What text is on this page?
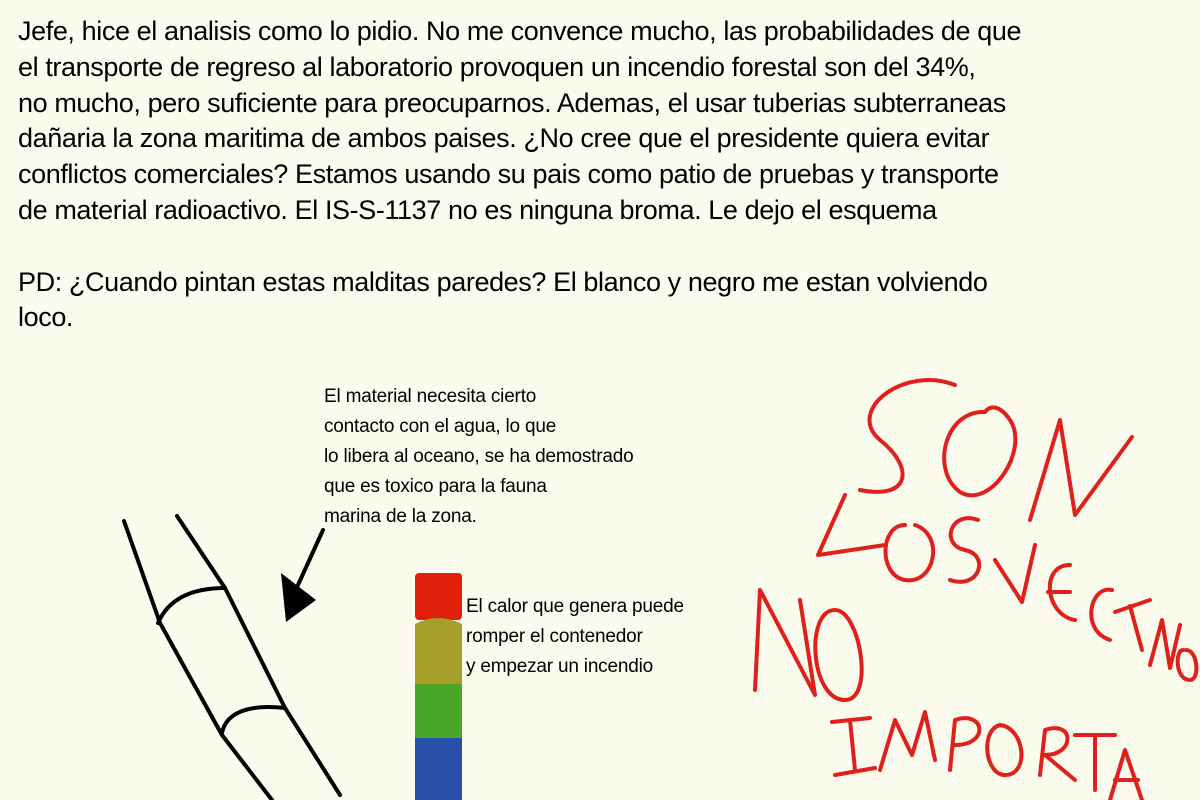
Jefe, hice el analisis como lo pidio. No me convence mucho, las probabilidades de que
el transporte de regreso al laboratorio provoquen un incendio forestal son del 34%,
no mucho, pero suficiente para preocuparnos. Ademas, el usar tuberias subterraneas
dañaria la zona maritima de ambos paises. ¿No cree que el presidente quiera evitar
conflictos comerciales? Estamos usando su pais como patio de pruebas y transporte
de material radioactivo. El IS-S-1137 no es ninguna broma. Le dejo el esquema
PD: ¿Cuando pintan estas malditas paredes? El blanco y negro me estan volviendo
loco.
El material necesita cierto
contacto con el agua, lo que
lo libera al oceano, se ha demostrado
que es toxico para la fauna
marina de la zona.
El calor que genera puede
romper el contenedor
y empezar un incendio
